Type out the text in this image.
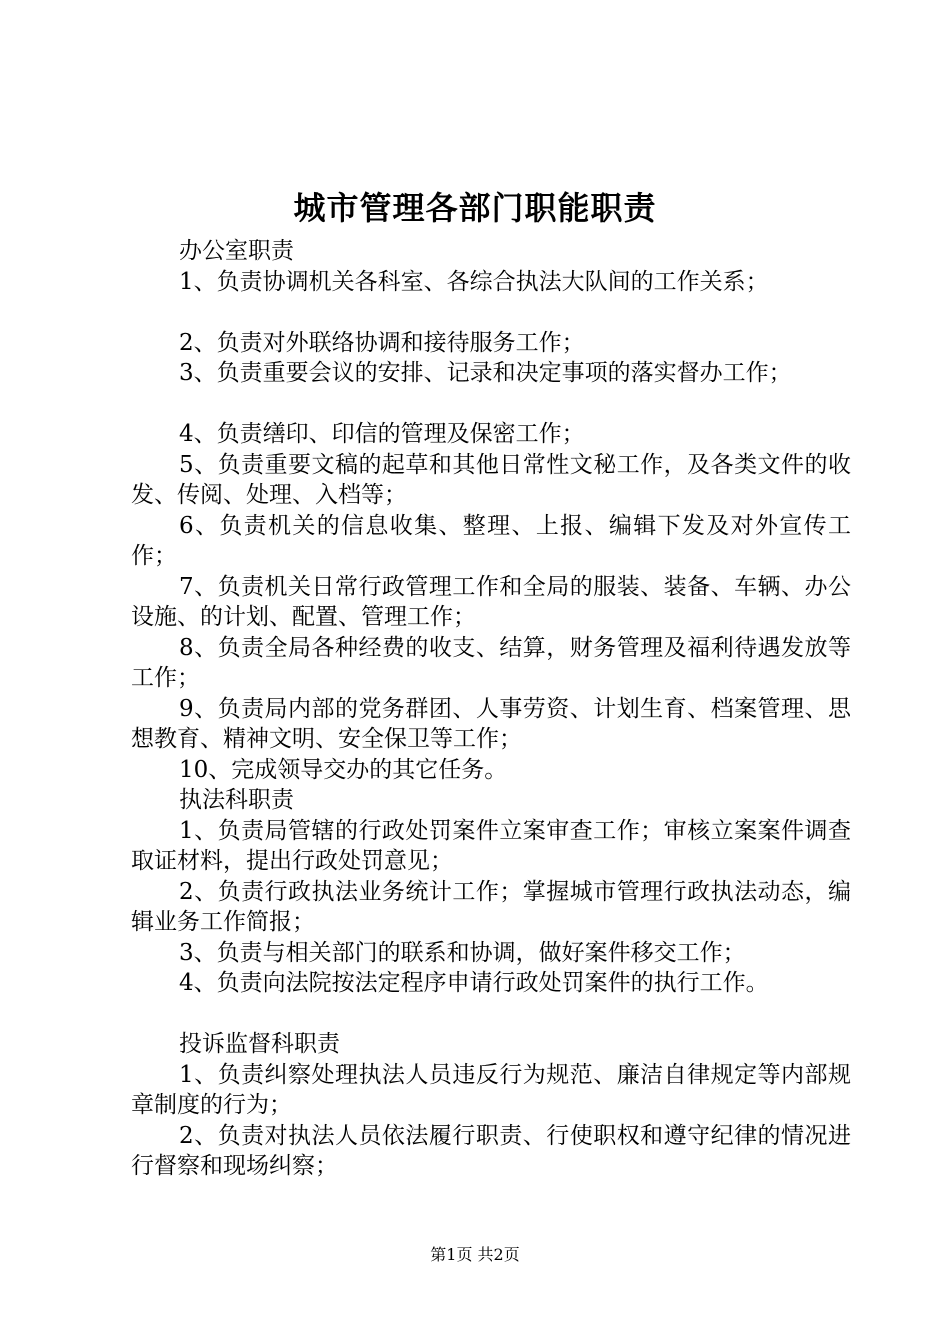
城市管理各部门职能职责
办公室职责
1、负责协调机关各科室、各综合执法大队间的工作关系；
2、负责对外联络协调和接待服务工作；
3、负责重要会议的安排、记录和决定事项的落实督办工作；
4、负责缮印、印信的管理及保密工作；
5、负责重要文稿的起草和其他日常性文秘工作，及各类文件的收发、传阅、处理、入档等；
6、负责机关的信息收集、整理、上报、编辑下发及对外宣传工作；
7、负责机关日常行政管理工作和全局的服装、装备、车辆、办公设施、的计划、配置、管理工作；
8、负责全局各种经费的收支、结算，财务管理及福利待遇发放等工作；
9、负责局内部的党务群团、人事劳资、计划生育、档案管理、思想教育、精神文明、安全保卫等工作；
10、完成领导交办的其它任务。
执法科职责
1、负责局管辖的行政处罚案件立案审查工作；审核立案案件调查取证材料，提出行政处罚意见；
2、负责行政执法业务统计工作；掌握城市管理行政执法动态，编辑业务工作简报；
3、负责与相关部门的联系和协调，做好案件移交工作；
4、负责向法院按法定程序申请行政处罚案件的执行工作。
投诉监督科职责
1、负责纠察处理执法人员违反行为规范、廉洁自律规定等内部规章制度的行为；
2、负责对执法人员依法履行职责、行使职权和遵守纪律的情况进行督察和现场纠察；
第1页 共2页
